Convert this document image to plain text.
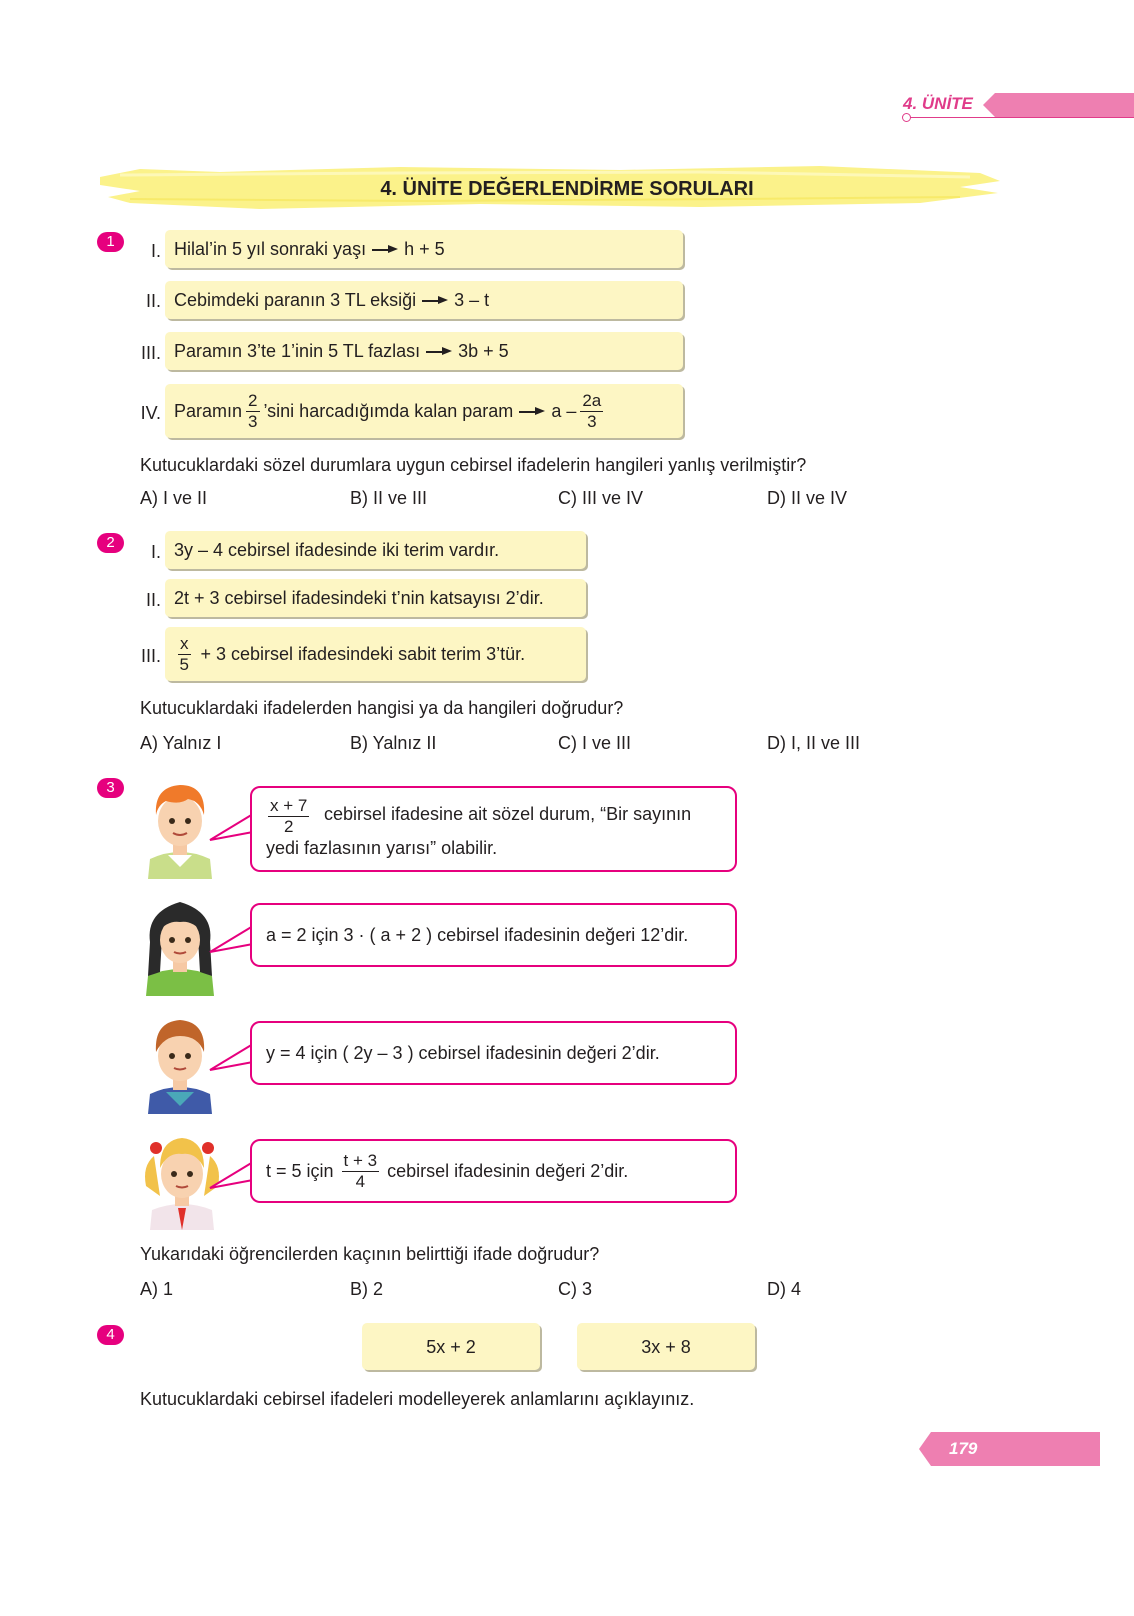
4. ÜNİTE
4. ÜNİTE DEĞERLENDİRME SORULARI
1	I. Hilal’in 5 yıl sonraki yaşı h + 5
II. Cebimdeki paranın 3 TL eksiği 3 – t
III. Paramın 3’te 1’inin 5 TL fazlası 3b + 5
IV. Paramın $\frac{2}{3}$ ’sini harcadığımda kalan param a – $\frac{2a}{3}$
Kutucuklardaki sözel durumlara uygun cebirsel ifadelerin hangileri yanlış verilmiştir?
A) I ve II	B) II ve III	C) III ve IV	D) II ve IV
2	I. 3y – 4 cebirsel ifadesinde iki terim vardır.
II. 2t + 3 cebirsel ifadesindeki t’nin katsayısı 2’dir.
III. $\frac{x}{5} + 3$ cebirsel ifadesindeki sabit terim 3’tür.
Kutucuklardaki ifadelerden hangisi ya da hangileri doğrudur?
A) Yalnız I	B) Yalnız II	C) I ve III	D) I, II ve III
3
$\frac{x + 7}{2}$ cebirsel ifadesine ait sözel durum, “Bir sayının
yedi fazlasının yarısı” olabilir.
a = 2 için 3 · ( a + 2 ) cebirsel ifadesinin değeri 12’dir.
y = 4 için ( 2y – 3 ) cebirsel ifadesinin değeri 2’dir.
t = 5 için $\frac{t + 3}{4}$ cebirsel ifadesinin değeri 2’dir.
Yukarıdaki öğrencilerden kaçının belirttiği ifade doğrudur?
A) 1	B) 2	C) 3	D) 4
4
5x + 2	3x + 8
Kutucuklardaki cebirsel ifadeleri modelleyerek anlamlarını açıklayınız.
179
